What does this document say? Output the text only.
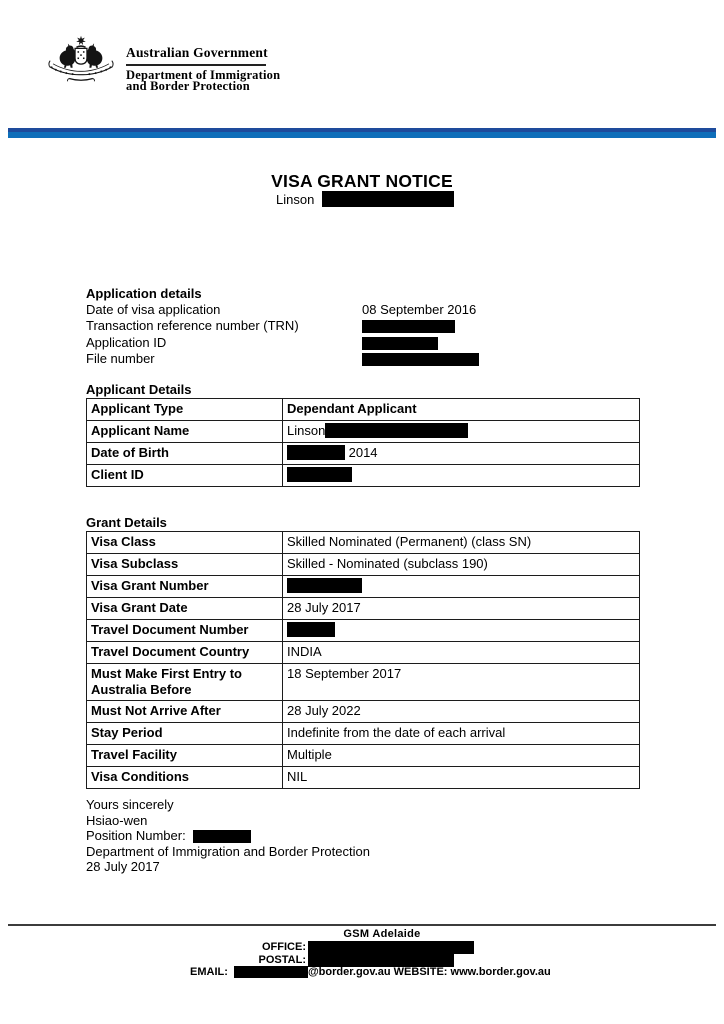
Australian Government
Department of Immigration
and Border Protection
VISA GRANT NOTICE
Linson
Application details
Date of visa application	08 September 2016
Transaction reference number (TRN)
Application ID
File number
Applicant Details
Applicant Type	Dependant Applicant
Applicant Name	Linson
Date of Birth	2014
Client ID	
Grant Details
Visa Class	Skilled Nominated (Permanent) (class SN)
Visa Subclass	Skilled - Nominated (subclass 190)
Visa Grant Number	
Visa Grant Date	28 July 2017
Travel Document Number	
Travel Document Country	INDIA
Must Make First Entry to Australia Before	18 September 2017
Must Not Arrive After	28 July 2022
Stay Period	Indefinite from the date of each arrival
Travel Facility	Multiple
Visa Conditions	NIL
Yours sincerely
Hsiao-wen
Position Number:
Department of Immigration and Border Protection
28 July 2017
GSM Adelaide
OFFICE:
POSTAL:
EMAIL:	@border.gov.au WEBSITE: www.border.gov.au
